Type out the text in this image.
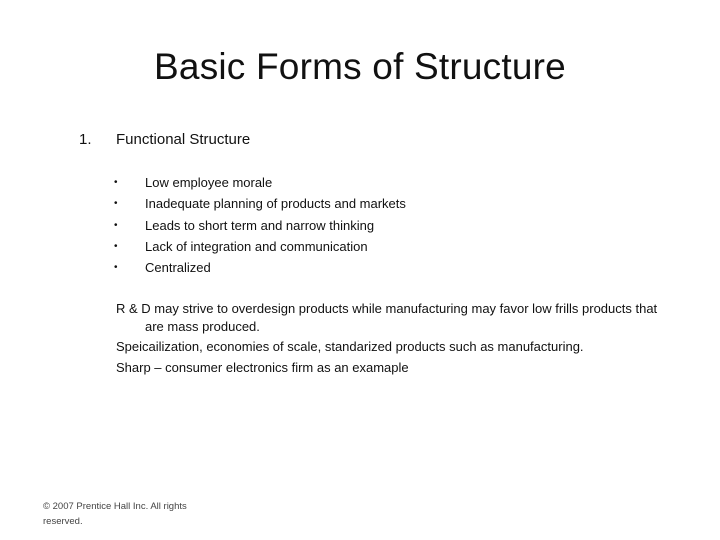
Basic Forms of Structure
1. Functional Structure
• Low employee morale
• Inadequate planning of products and markets
• Leads to short term and narrow thinking
• Lack of integration and communication
• Centralized

R & D may strive to overdesign products while manufacturing may favor low frills products that are mass produced.

Speicailization, economies of scale, standarized products such as manufacturing.

Sharp – consumer electronics firm as an examaple

© 2007 Prentice Hall Inc. All rights reserved.
